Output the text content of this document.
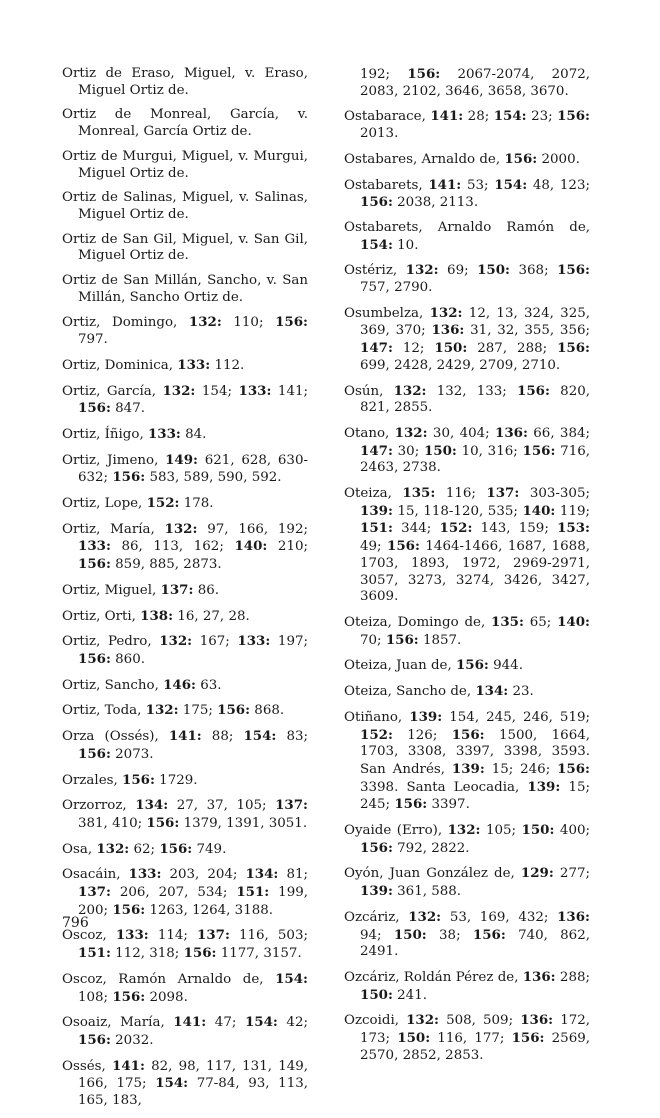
Ortiz de Eraso, Miguel, v. Eraso, Miguel Ortiz de.

Ortiz de Monreal, García, v. Monreal, García Ortiz de.

Ortiz de Murgui, Miguel, v. Murgui, Miguel Ortiz de.

Ortiz de Salinas, Miguel, v. Salinas, Miguel Ortiz de.

Ortiz de San Gil, Miguel, v. San Gil, Miguel Ortiz de.

Ortiz de San Millán, Sancho, v. San Millán, Sancho Ortiz de.

Ortiz, Domingo, 132: 110; 156: 797.

Ortiz, Dominica, 133: 112.

Ortiz, García, 132: 154; 133: 141; 156: 847.

Ortiz, Íñigo, 133: 84.

Ortiz, Jimeno, 149: 621, 628, 630-632; 156: 583, 589, 590, 592.

Ortiz, Lope, 152: 178.

Ortiz, María, 132: 97, 166, 192; 133: 86, 113, 162; 140: 210; 156: 859, 885, 2873.

Ortiz, Miguel, 137: 86.

Ortiz, Orti, 138: 16, 27, 28.

Ortiz, Pedro, 132: 167; 133: 197; 156: 860.

Ortiz, Sancho, 146: 63.

Ortiz, Toda, 132: 175; 156: 868.

Orza (Ossés), 141: 88; 154: 83; 156: 2073.

Orzales, 156: 1729.

Orzorroz, 134: 27, 37, 105; 137: 381, 410; 156: 1379, 1391, 3051.

Osa, 132: 62; 156: 749.

Osacáin, 133: 203, 204; 134: 81; 137: 206, 207, 534; 151: 199, 200; 156: 1263, 1264, 3188.

Oscoz, 133: 114; 137: 116, 503; 151: 112, 318; 156: 1177, 3157.

Oscoz, Ramón Arnaldo de, 154: 108; 156: 2098.

Osoaiz, María, 141: 47; 154: 42; 156: 2032.

Ossés, 141: 82, 98, 117, 131, 149, 166, 175; 154: 77-84, 93, 113, 165, 183,

192; 156: 2067-2074, 2072, 2083, 2102, 3646, 3658, 3670.

Ostabarace, 141: 28; 154: 23; 156: 2013.

Ostabares, Arnaldo de, 156: 2000.

Ostabarets, 141: 53; 154: 48, 123; 156: 2038, 2113.

Ostabarets, Arnaldo Ramón de, 154: 10.

Ostériz, 132: 69; 150: 368; 156: 757, 2790.

Osumbelza, 132: 12, 13, 324, 325, 369, 370; 136: 31, 32, 355, 356; 147: 12; 150: 287, 288; 156: 699, 2428, 2429, 2709, 2710.

Osún, 132: 132, 133; 156: 820, 821, 2855.

Otano, 132: 30, 404; 136: 66, 384; 147: 30; 150: 10, 316; 156: 716, 2463, 2738.

Oteiza, 135: 116; 137: 303-305; 139: 15, 118-120, 535; 140: 119; 151: 344; 152: 143, 159; 153: 49; 156: 1464-1466, 1687, 1688, 1703, 1893, 1972, 2969-2971, 3057, 3273, 3274, 3426, 3427, 3609.

Oteiza, Domingo de, 135: 65; 140: 70; 156: 1857.

Oteiza, Juan de, 156: 944.

Oteiza, Sancho de, 134: 23.

Otiñano, 139: 154, 245, 246, 519; 152: 126; 156: 1500, 1664, 1703, 3308, 3397, 3398, 3593. San Andrés, 139: 15; 246; 156: 3398. Santa Leocadia, 139: 15; 245; 156: 3397.

Oyaide (Erro), 132: 105; 150: 400; 156: 792, 2822.

Oyón, Juan González de, 129: 277; 139: 361, 588.

Ozcáriz, 132: 53, 169, 432; 136: 94; 150: 38; 156: 740, 862, 2491.

Ozcáriz, Roldán Pérez de, 136: 288; 150: 241.

Ozcoidi, 132: 508, 509; 136: 172, 173; 150: 116, 177; 156: 2569, 2570, 2852, 2853.

796
